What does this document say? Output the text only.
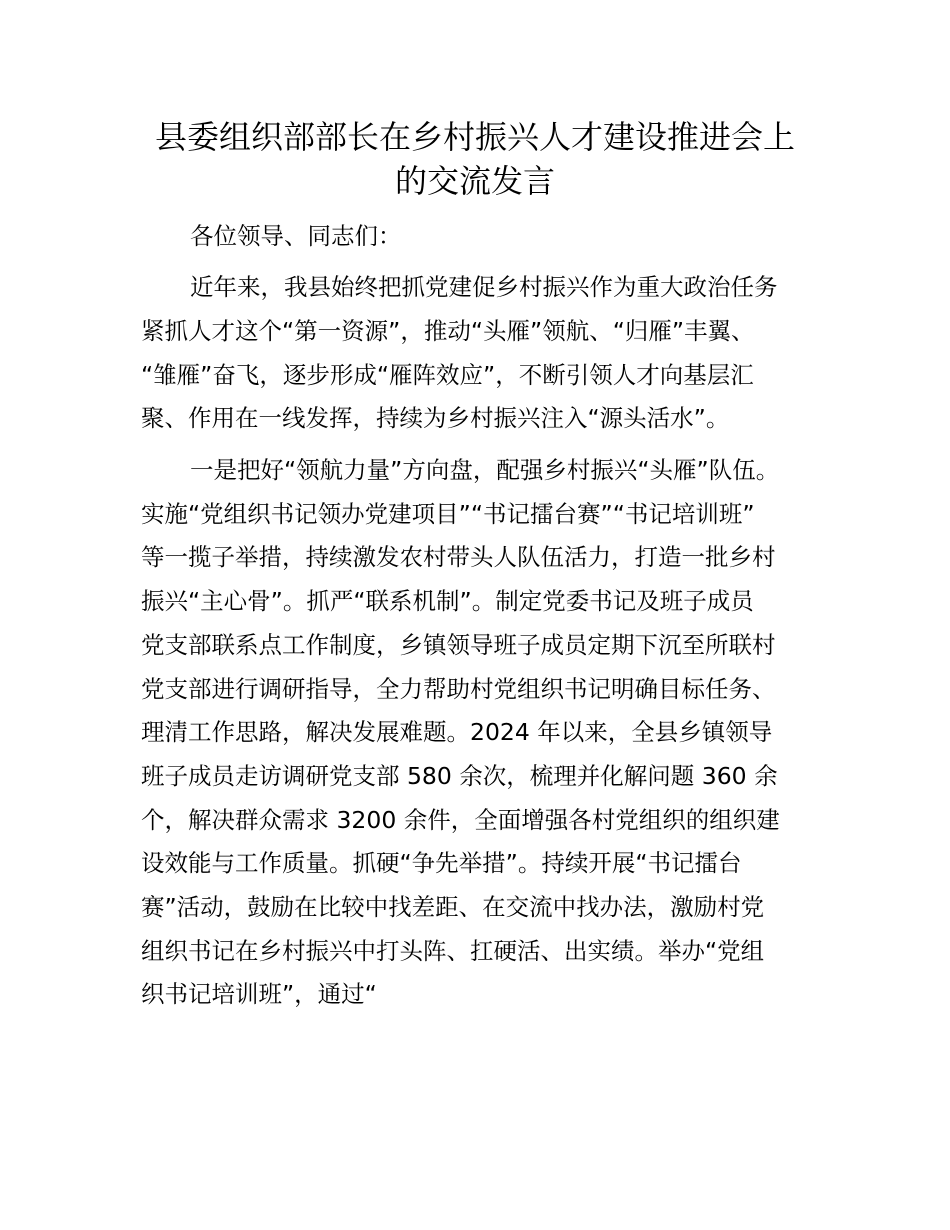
县委组织部部长在乡村振兴人才建设推进会上
的交流发言

各位领导、同志们：

近年来，我县始终把抓党建促乡村振兴作为重大政治任务

紧抓人才这个“第一资源”，推动“头雁”领航、“归雁”丰翼、

“雏雁”奋飞，逐步形成“雁阵效应”，不断引领人才向基层汇

聚、作用在一线发挥，持续为乡村振兴注入“源头活水”。

一是把好“领航力量”方向盘，配强乡村振兴“头雁”队伍。

实施“党组织书记领办党建项目”“书记擂台赛”“书记培训班”

等一揽子举措，持续激发农村带头人队伍活力，打造一批乡村

振兴“主心骨”。抓严“联系机制”。制定党委书记及班子成员

党支部联系点工作制度，乡镇领导班子成员定期下沉至所联村

党支部进行调研指导，全力帮助村党组织书记明确目标任务、

理清工作思路，解决发展难题。2024 年以来，全县乡镇领导

班子成员走访调研党支部 580 余次，梳理并化解问题 360 余

个，解决群众需求 3200 余件，全面增强各村党组织的组织建

设效能与工作质量。抓硬“争先举措”。持续开展“书记擂台

赛”活动，鼓励在比较中找差距、在交流中找办法，激励村党

组织书记在乡村振兴中打头阵、扛硬活、出实绩。举办“党组

织书记培训班”，通过“
